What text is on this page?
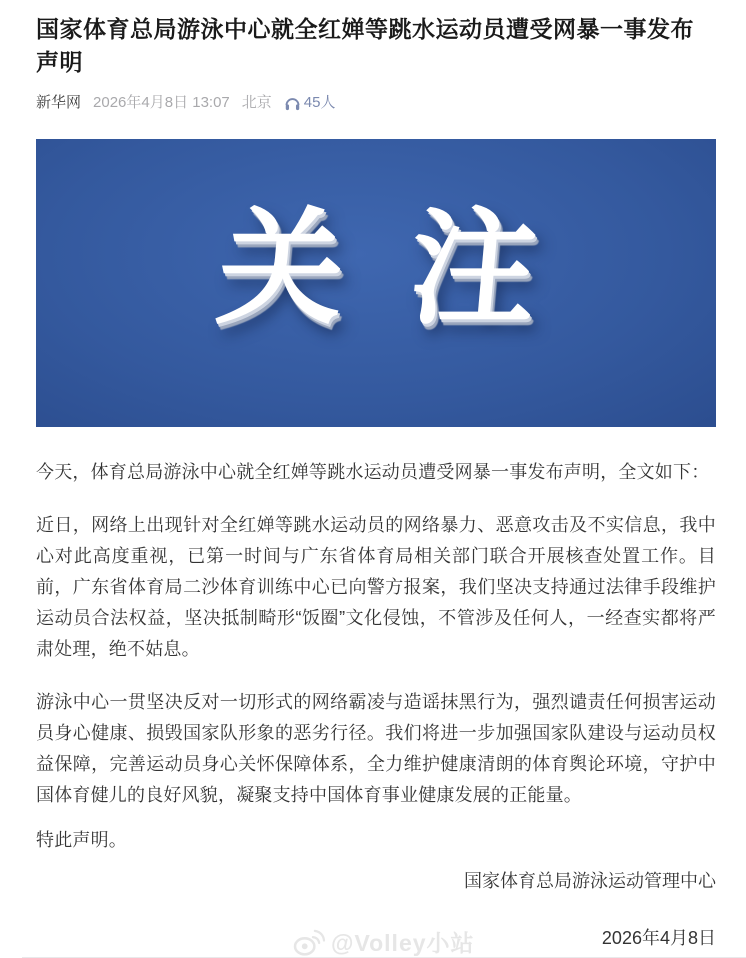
国家体育总局游泳中心就全红婵等跳水运动员遭受网暴一事发布声明
新华网 2026年4月8日 13:07 北京 45人
关 注

今天，体育总局游泳中心就全红婵等跳水运动员遭受网暴一事发布声明，全文如下：

近日，网络上出现针对全红婵等跳水运动员的网络暴力、恶意攻击及不实信息，我中心对此高度重视，已第一时间与广东省体育局相关部门联合开展核查处置工作。目前，广东省体育局二沙体育训练中心已向警方报案，我们坚决支持通过法律手段维护运动员合法权益，坚决抵制畸形“饭圈”文化侵蚀，不管涉及任何人，一经查实都将严肃处理，绝不姑息。

游泳中心一贯坚决反对一切形式的网络霸凌与造谣抹黑行为，强烈谴责任何损害运动员身心健康、损毁国家队形象的恶劣行径。我们将进一步加强国家队建设与运动员权益保障，完善运动员身心关怀保障体系，全力维护健康清朗的体育舆论环境，守护中国体育健儿的良好风貌，凝聚支持中国体育事业健康发展的正能量。

特此声明。

国家体育总局游泳运动管理中心
@Volley小站	2026年4月8日
